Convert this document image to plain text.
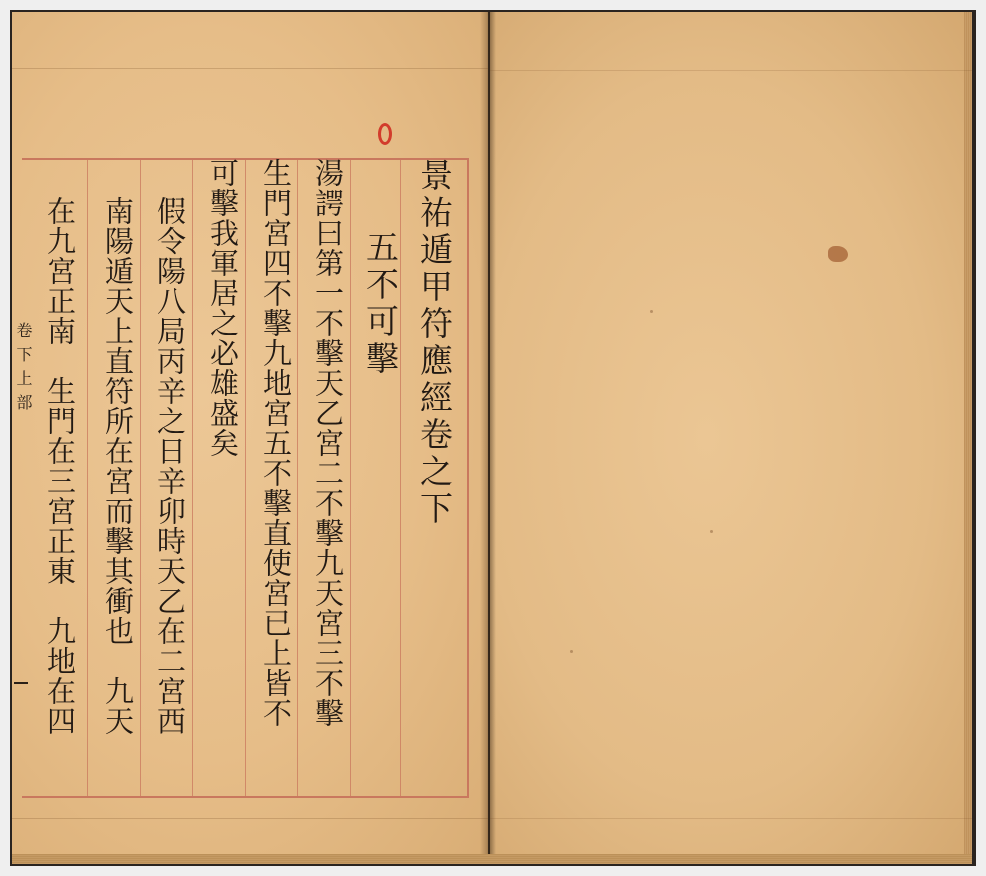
景祐遁甲符應經卷之下
五不可擊
湯諤曰第一不擊天乙宮二不擊九天宮三不擊
生門宮四不擊九地宮五不擊直使宮已上皆不
可擊我軍居之必雄盛矣
假令陽八局丙辛之日辛卯時天乙在二宮西
南陽遁天上直符所在宮而擊其衝也　九天
在九宮正南　生門在三宮正東　九地在四
卷下上部
